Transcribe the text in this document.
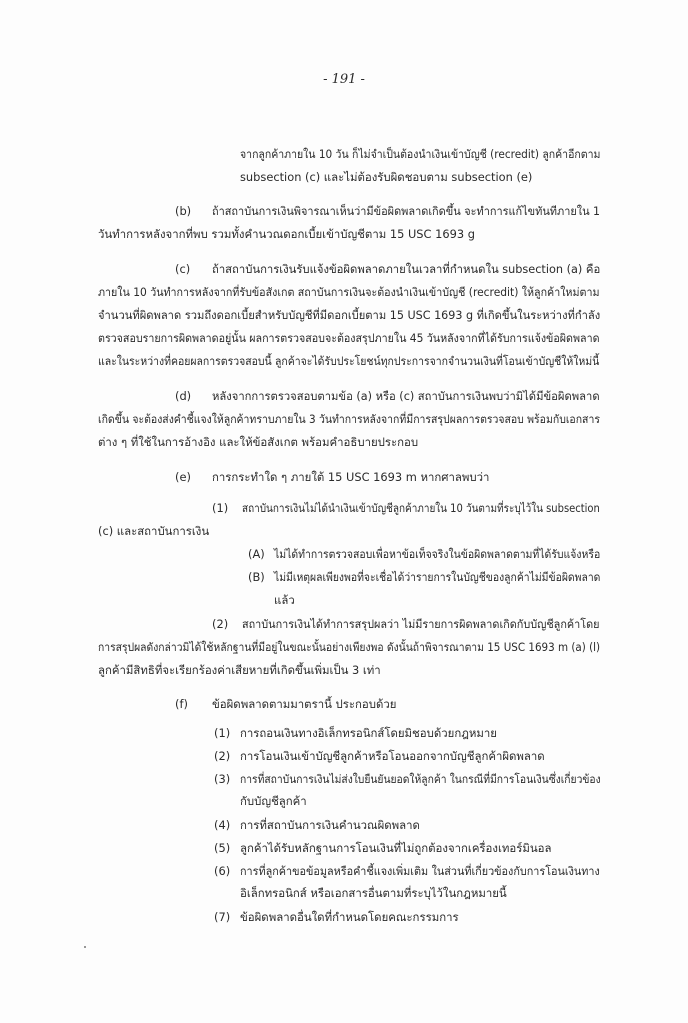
- 191 -
จากลูกค้าภายใน 10 วัน ก็ไม่จำเป็นต้องนำเงินเข้าบัญชี (recredit) ลูกค้าอีกตาม
subsection (c) และไม่ต้องรับผิดชอบตาม subsection (e)
(b) ถ้าสถาบันการเงินพิจารณาเห็นว่ามีข้อผิดพลาดเกิดขึ้น จะทำการแก้ไขทันทีภายใน 1
วันทำการหลังจากที่พบ รวมทั้งคำนวณดอกเบี้ยเข้าบัญชีตาม 15 USC 1693 g
(c) ถ้าสถาบันการเงินรับแจ้งข้อผิดพลาดภายในเวลาที่กำหนดใน subsection (a) คือ
ภายใน 10 วันทำการหลังจากที่รับข้อสังเกต สถาบันการเงินจะต้องนำเงินเข้าบัญชี (recredit) ให้ลูกค้าใหม่ตาม
จำนวนที่ผิดพลาด รวมถึงดอกเบี้ยสำหรับบัญชีที่มีดอกเบี้ยตาม 15 USC 1693 g ที่เกิดขึ้นในระหว่างที่กำลัง
ตรวจสอบรายการผิดพลาดอยู่นั้น ผลการตรวจสอบจะต้องสรุปภายใน 45 วันหลังจากที่ได้รับการแจ้งข้อผิดพลาด
และในระหว่างที่คอยผลการตรวจสอบนี้ ลูกค้าจะได้รับประโยชน์ทุกประการจากจำนวนเงินที่โอนเข้าบัญชีให้ใหม่นี้
(d) หลังจากการตรวจสอบตามข้อ (a) หรือ (c) สถาบันการเงินพบว่ามิได้มีข้อผิดพลาด
เกิดขึ้น จะต้องส่งคำชี้แจงให้ลูกค้าทราบภายใน 3 วันทำการหลังจากที่มีการสรุปผลการตรวจสอบ พร้อมกับเอกสาร
ต่าง ๆ ที่ใช้ในการอ้างอิง และให้ข้อสังเกต พร้อมคำอธิบายประกอบ
(e) การกระทำใด ๆ ภายใต้ 15 USC 1693 m หากศาลพบว่า
(1) สถาบันการเงินไม่ได้นำเงินเข้าบัญชีลูกค้าภายใน 10 วันตามที่ระบุไว้ใน subsection
(c) และสถาบันการเงิน
(A) ไม่ได้ทำการตรวจสอบเพื่อหาข้อเท็จจริงในข้อผิดพลาดตามที่ได้รับแจ้งหรือ
(B) ไม่มีเหตุผลเพียงพอที่จะเชื่อได้ว่ารายการในบัญชีของลูกค้าไม่มีข้อผิดพลาด
แล้ว
(2) สถาบันการเงินได้ทำการสรุปผลว่า ไม่มีรายการผิดพลาดเกิดกับบัญชีลูกค้าโดย
การสรุปผลดังกล่าวมิได้ใช้หลักฐานที่มีอยู่ในขณะนั้นอย่างเพียงพอ ดังนั้นถ้าพิจารณาตาม 15 USC 1693 m (a) (l)
ลูกค้ามีสิทธิที่จะเรียกร้องค่าเสียหายที่เกิดขึ้นเพิ่มเป็น 3 เท่า
(f) ข้อผิดพลาดตามมาตรานี้ ประกอบด้วย
(1) การถอนเงินทางอิเล็กทรอนิกส์โดยมิชอบด้วยกฎหมาย
(2) การโอนเงินเข้าบัญชีลูกค้าหรือโอนออกจากบัญชีลูกค้าผิดพลาด
(3) การที่สถาบันการเงินไม่ส่งใบยืนยันยอดให้ลูกค้า ในกรณีที่มีการโอนเงินซึ่งเกี่ยวข้อง
กับบัญชีลูกค้า
(4) การที่สถาบันการเงินคำนวณผิดพลาด
(5) ลูกค้าได้รับหลักฐานการโอนเงินที่ไม่ถูกต้องจากเครื่องเทอร์มินอล
(6) การที่ลูกค้าขอข้อมูลหรือคำชี้แจงเพิ่มเติม ในส่วนที่เกี่ยวข้องกับการโอนเงินทาง
อิเล็กทรอนิกส์ หรือเอกสารอื่นตามที่ระบุไว้ในกฎหมายนี้
(7) ข้อผิดพลาดอื่นใดที่กำหนดโดยคณะกรรมการ
